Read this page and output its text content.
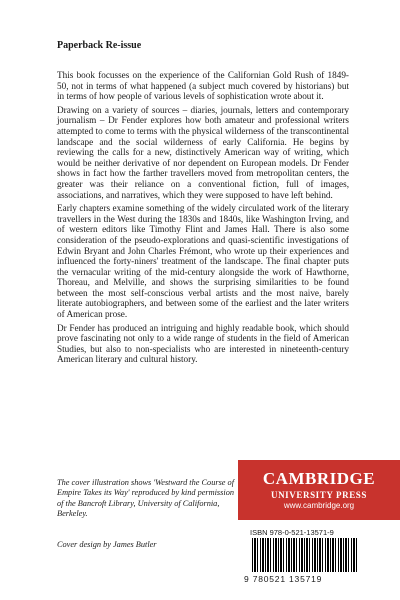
Paperback Re-issue

This book focusses on the experience of the Californian Gold Rush of 1849-50, not in terms of what happened (a subject much covered by historians) but in terms of how people of various levels of sophistication wrote about it.

Drawing on a variety of sources – diaries, journals, letters and contemporary journalism – Dr Fender explores how both amateur and professional writers attempted to come to terms with the physical wilderness of the transcontinental landscape and the social wilderness of early California. He begins by reviewing the calls for a new, distinctively American way of writing, which would be neither derivative of nor dependent on European models. Dr Fender shows in fact how the farther travellers moved from metropolitan centers, the greater was their reliance on a conventional fiction, full of images, associations, and narratives, which they were supposed to have left behind.

Early chapters examine something of the widely circulated work of the literary travellers in the West during the 1830s and 1840s, like Washington Irving, and of western editors like Timothy Flint and James Hall. There is also some consideration of the pseudo-explorations and quasi-scientific investigations of Edwin Bryant and John Charles Frémont, who wrote up their experiences and influenced the forty-niners' treatment of the landscape. The final chapter puts the vernacular writing of the mid-century alongside the work of Hawthorne, Thoreau, and Melville, and shows the surprising similarities to be found between the most self-conscious verbal artists and the most naive, barely literate autobiographers, and between some of the earliest and the later writers of American prose.

Dr Fender has produced an intriguing and highly readable book, which should prove fascinating not only to a wide range of students in the field of American Studies, but also to non-specialists who are interested in nineteenth-century American literary and cultural history.

The cover illustration shows 'Westward the Course of Empire Takes its Way' reproduced by kind permission of the Bancroft Library, University of California, Berkeley.
Cover design by James Butler
CAMBRIDGE
UNIVERSITY PRESS
www.cambridge.org
ISBN 978-0-521-13571-9
9 780521 135719
